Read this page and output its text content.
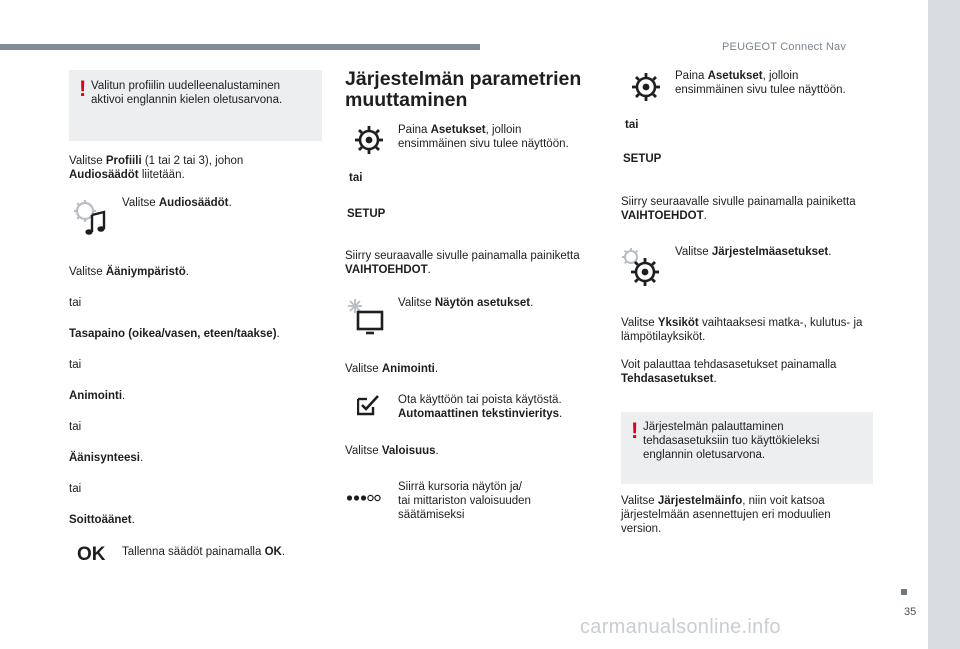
PEUGEOT Connect Nav
35
carmanualsonline.info
! Valitun profiilin uudelleenalustaminen
aktivoi englannin kielen oletusarvona.
Valitse Profiili (1 tai 2 tai 3), johon
Audiosäädöt liitetään.
Valitse Audiosäädöt.
Valitse Ääniympäristö.
tai
Tasapaino (oikea/vasen, eteen/taakse).
tai
Animointi.
tai
Äänisynteesi.
tai
Soittoäänet.
OK Tallenna säädöt painamalla OK.
Järjestelmän parametrien
muuttaminen
Paina Asetukset, jolloin
ensimmäinen sivu tulee näyttöön.
tai
SETUP
Siirry seuraavalle sivulle painamalla painiketta
VAIHTOEHDOT.
Valitse Näytön asetukset.
Valitse Animointi.
Ota käyttöön tai poista käytöstä.
Automaattinen tekstinvieritys.
Valitse Valoisuus.
Siirrä kursoria näytön ja/
tai mittariston valoisuuden
säätämiseksi
Paina Asetukset, jolloin
ensimmäinen sivu tulee näyttöön.
tai
SETUP
Siirry seuraavalle sivulle painamalla painiketta
VAIHTOEHDOT.
Valitse Järjestelmäasetukset.
Valitse Yksiköt vaihtaaksesi matka-, kulutus- ja
lämpötilayksiköt.
Voit palauttaa tehdasasetukset painamalla
Tehdasasetukset.
! Järjestelmän palauttaminen
tehdasasetuksiin tuo käyttökieleksi
englannin oletusarvona.
Valitse Järjestelmäinfo, niin voit katsoa
järjestelmään asennettujen eri moduulien
version.
